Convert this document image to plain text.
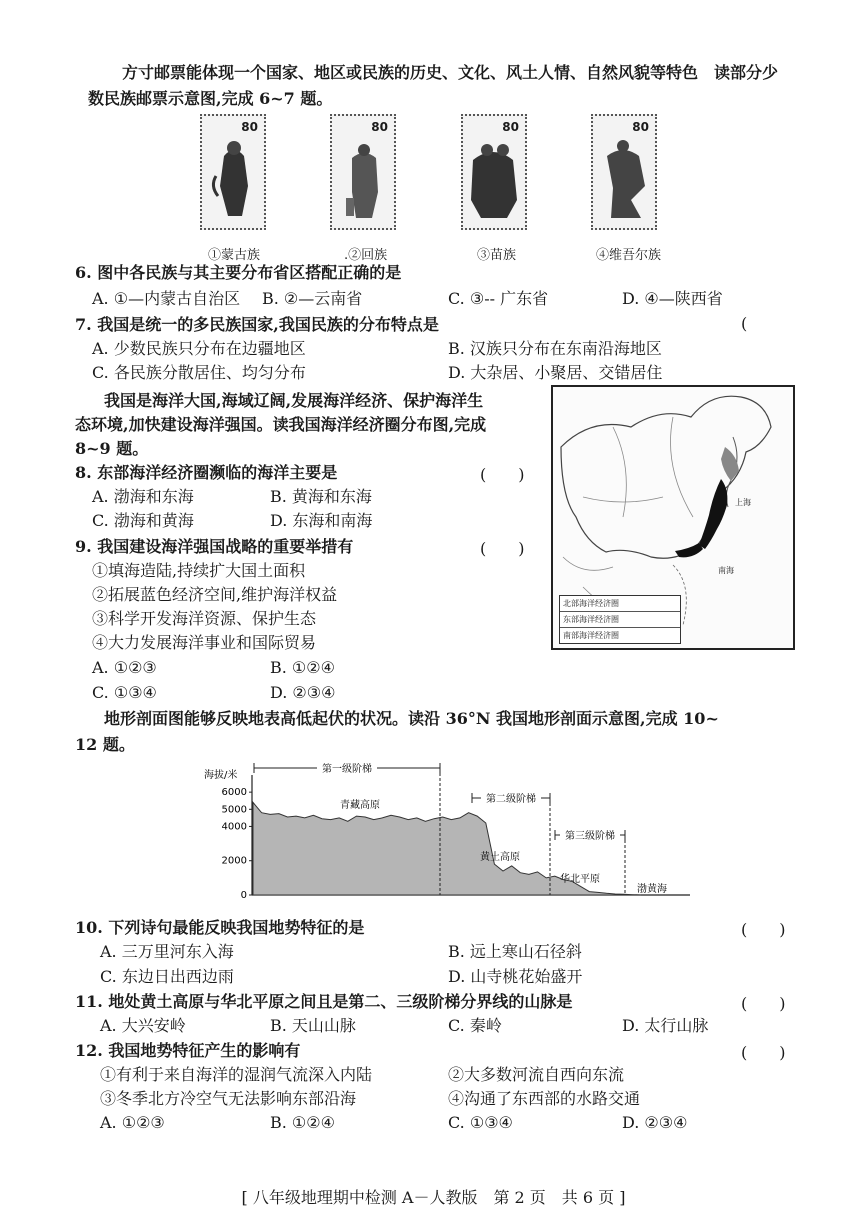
方寸邮票能体现一个国家、地区或民族的历史、文化、风土人情、自然风貌等特色　读部分少
数民族邮票示意图,完成 6~7 题。
80	80	80	80
①蒙古族	.②回族	③苗族	④维吾尔族
6. 图中各民族与其主要分布省区搭配正确的是
A. ①—内蒙古自治区 B. ②—云南省	C. ③-- 广东省	D. ④—陕西省
7. 我国是统一的多民族国家,我国民族的分布特点是	(
A. 少数民族只分布在边疆地区	B. 汉族只分布在东南沿海地区
C. 各民族分散居住、均匀分布	D. 大杂居、小聚居、交错居住
我国是海洋大国,海域辽阔,发展海洋经济、保护海洋生
态环境,加快建设海洋强国。读我国海洋经济圈分布图,完成
8~9 题。
上海
南海
北部海洋经济圈
东部海洋经济圈
南部海洋经济圈
8. 东部海洋经济圈濒临的海洋主要是	(　　)
A. 渤海和东海	B. 黄海和东海
C. 渤海和黄海	D. 东海和南海
9. 我国建设海洋强国战略的重要举措有	(　　)
①填海造陆,持续扩大国土面积
②拓展蓝色经济空间,维护海洋权益
③科学开发海洋资源、保护生态
④大力发展海洋事业和国际贸易
A. ①②③	B. ①②④
C. ①③④	D. ②③④
地形剖面图能够反映地表高低起伏的状况。读沿 36°N 我国地形剖面示意图,完成 10~
12 题。
海拔/米
0
2000
4000
5000
6000
第一级阶梯
第二级阶梯
第三级阶梯
青藏高原
黄土高原
华北平原
渤黄海
10. 下列诗句最能反映我国地势特征的是	(　　)
A. 三万里河东入海	B. 远上寒山石径斜
C. 东边日出西边雨	D. 山寺桃花始盛开
11. 地处黄土高原与华北平原之间且是第二、三级阶梯分界线的山脉是	(　　)
A. 大兴安岭	B. 天山山脉	C. 秦岭	D. 太行山脉
12. 我国地势特征产生的影响有	(　　)
①有利于来自海洋的湿润气流深入内陆	②大多数河流自西向东流
③冬季北方冷空气无法影响东部沿海	④沟通了东西部的水路交通
A. ①②③	B. ①②④	C. ①③④	D. ②③④
[ 八年级地理期中检测 A－人教版　第 2 页　共 6 页 ]
